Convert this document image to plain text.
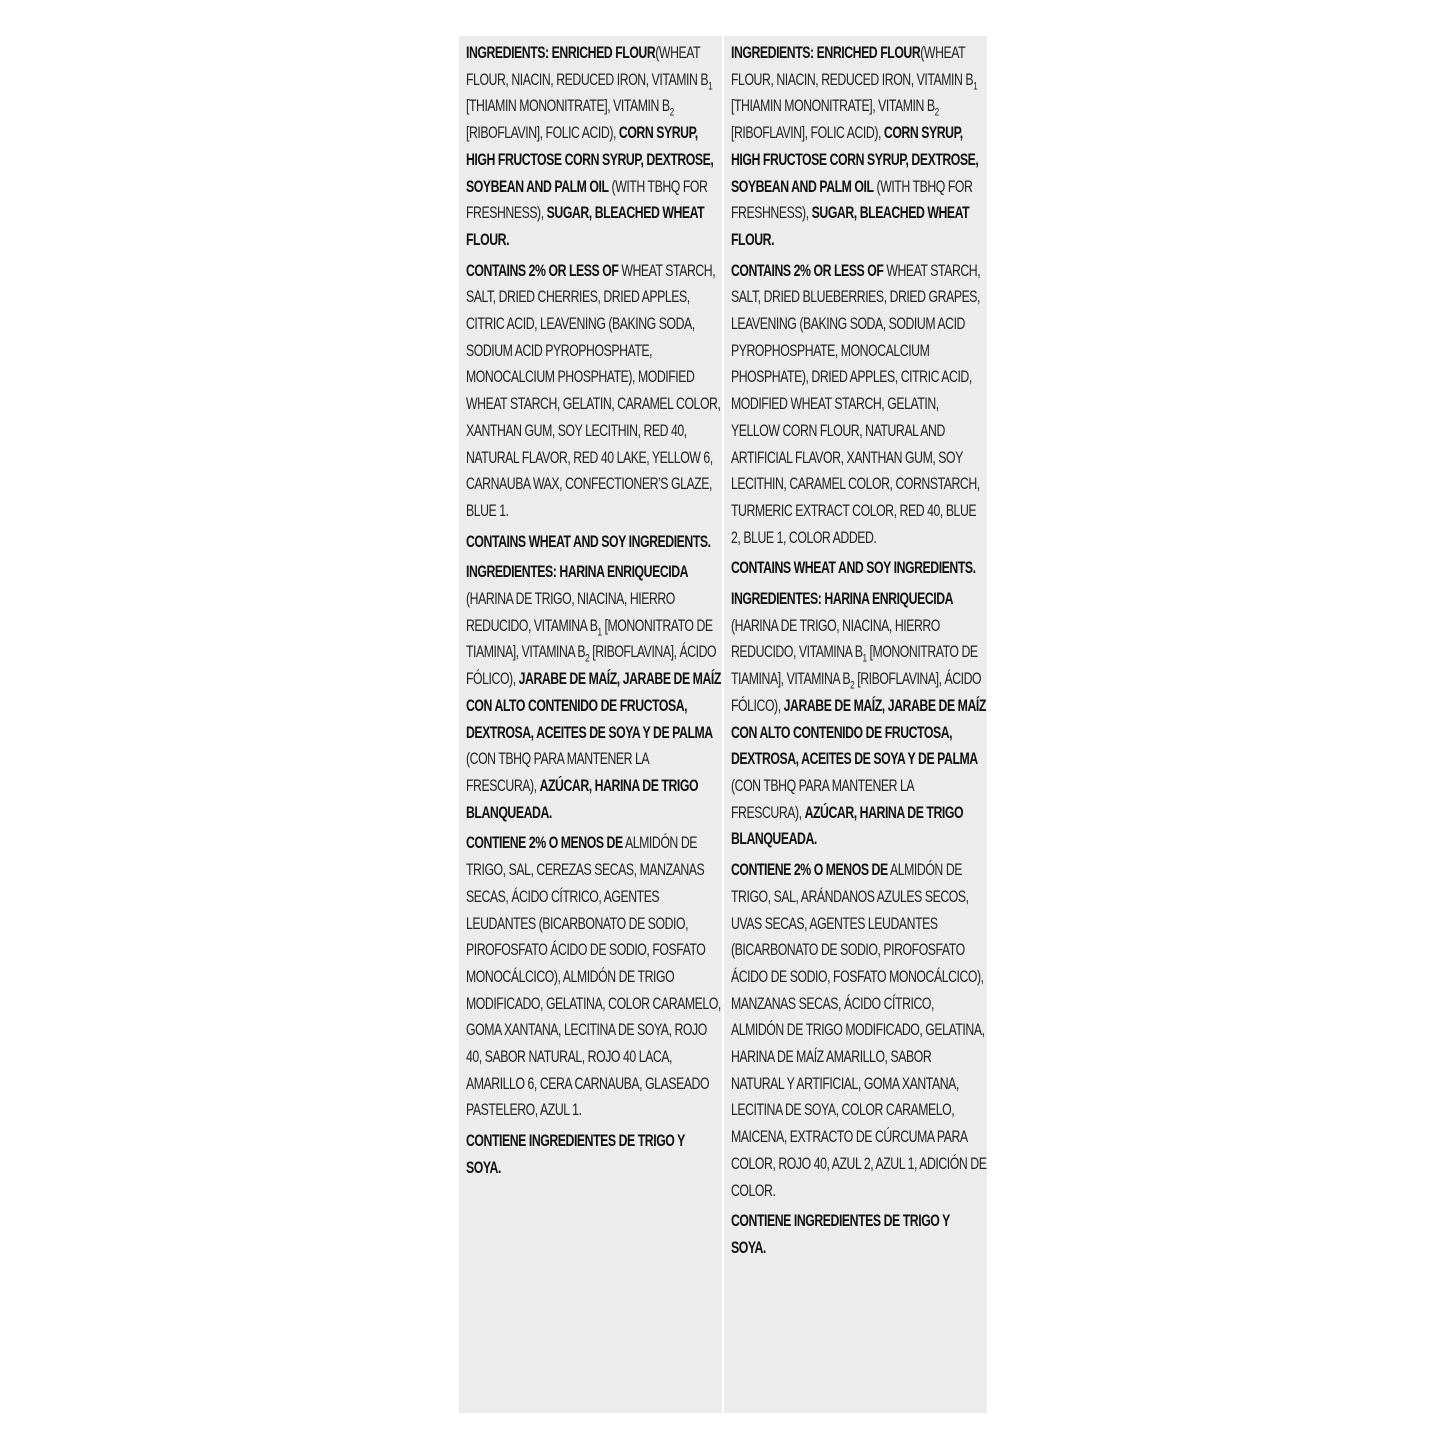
INGREDIENTS: ENRICHED FLOUR(WHEAT FLOUR, NIACIN, REDUCED IRON, VITAMIN $B_1$ [THIAMIN MONONITRATE], VITAMIN $B_2$ [RIBOFLAVIN], FOLIC ACID), CORN SYRUP, HIGH FRUCTOSE CORN SYRUP, DEXTROSE, SOYBEAN AND PALM OIL (WITH TBHQ FOR FRESHNESS), SUGAR, BLEACHED WHEAT FLOUR.
CONTAINS 2% OR LESS OF WHEAT STARCH, SALT, DRIED CHERRIES, DRIED APPLES, CITRIC ACID, LEAVENING (BAKING SODA, SODIUM ACID PYROPHOSPHATE, MONOCALCIUM PHOSPHATE), MODIFIED WHEAT STARCH, GELATIN, CARAMEL COLOR, XANTHAN GUM, SOY LECITHIN, RED 40, NATURAL FLAVOR, RED 40 LAKE, YELLOW 6, CARNAUBA WAX, CONFECTIONER’S GLAZE, BLUE 1.
CONTAINS WHEAT AND SOY INGREDIENTS.
INGREDIENTES: HARINA ENRIQUECIDA (HARINA DE TRIGO, NIACINA, HIERRO REDUCIDO, VITAMINA $B_1$ [MONONITRATO DE TIAMINA], VITAMINA $B_2$ [RIBOFLAVINA], ÁCIDO FÓLICO), JARABE DE MAÍZ, JARABE DE MAÍZ CON ALTO CONTENIDO DE FRUCTOSA, DEXTROSA, ACEITES DE SOYA Y DE PALMA (CON TBHQ PARA MANTENER LA FRESCURA), AZÚCAR, HARINA DE TRIGO BLANQUEADA.
CONTIENE 2% O MENOS DE ALMIDÓN DE TRIGO, SAL, CEREZAS SECAS, MANZANAS SECAS, ÁCIDO CÍTRICO, AGENTES LEUDANTES (BICARBONATO DE SODIO, PIROFOSFATO ÁCIDO DE SODIO, FOSFATO MONOCÁLCICO), ALMIDÓN DE TRIGO MODIFICADO, GELATINA, COLOR CARAMELO, GOMA XANTANA, LECITINA DE SOYA, ROJO 40, SABOR NATURAL, ROJO 40 LACA, AMARILLO 6, CERA CARNAUBA, GLASEADO PASTELERO, AZUL 1.
CONTIENE INGREDIENTES DE TRIGO Y SOYA.
INGREDIENTS: ENRICHED FLOUR(WHEAT FLOUR, NIACIN, REDUCED IRON, VITAMIN $B_1$ [THIAMIN MONONITRATE], VITAMIN $B_2$ [RIBOFLAVIN], FOLIC ACID), CORN SYRUP, HIGH FRUCTOSE CORN SYRUP, DEXTROSE, SOYBEAN AND PALM OIL (WITH TBHQ FOR FRESHNESS), SUGAR, BLEACHED WHEAT FLOUR.
CONTAINS 2% OR LESS OF WHEAT STARCH, SALT, DRIED BLUEBERRIES, DRIED GRAPES, LEAVENING (BAKING SODA, SODIUM ACID PYROPHOSPHATE, MONOCALCIUM PHOSPHATE), DRIED APPLES, CITRIC ACID, MODIFIED WHEAT STARCH, GELATIN, YELLOW CORN FLOUR, NATURAL AND ARTIFICIAL FLAVOR, XANTHAN GUM, SOY LECITHIN, CARAMEL COLOR, CORNSTARCH, TURMERIC EXTRACT COLOR, RED 40, BLUE 2, BLUE 1, COLOR ADDED.
CONTAINS WHEAT AND SOY INGREDIENTS.
INGREDIENTES: HARINA ENRIQUECIDA (HARINA DE TRIGO, NIACINA, HIERRO REDUCIDO, VITAMINA $B_1$ [MONONITRATO DE TIAMINA], VITAMINA $B_2$ [RIBOFLAVINA], ÁCIDO FÓLICO), JARABE DE MAÍZ, JARABE DE MAÍZ CON ALTO CONTENIDO DE FRUCTOSA, DEXTROSA, ACEITES DE SOYA Y DE PALMA (CON TBHQ PARA MANTENER LA FRESCURA), AZÚCAR, HARINA DE TRIGO BLANQUEADA.
CONTIENE 2% O MENOS DE ALMIDÓN DE TRIGO, SAL, ARÁNDANOS AZULES SECOS, UVAS SECAS, AGENTES LEUDANTES (BICARBONATO DE SODIO, PIROFOSFATO ÁCIDO DE SODIO, FOSFATO MONOCÁLCICO), MANZANAS SECAS, ÁCIDO CÍTRICO, ALMIDÓN DE TRIGO MODIFICADO, GELATINA, HARINA DE MAÍZ AMARILLO, SABOR NATURAL Y ARTIFICIAL, GOMA XANTANA, LECITINA DE SOYA, COLOR CARAMELO, MAICENA, EXTRACTO DE CÚRCUMA PARA COLOR, ROJO 40, AZUL 2, AZUL 1, ADICIÓN DE COLOR.
CONTIENE INGREDIENTES DE TRIGO Y SOYA.
